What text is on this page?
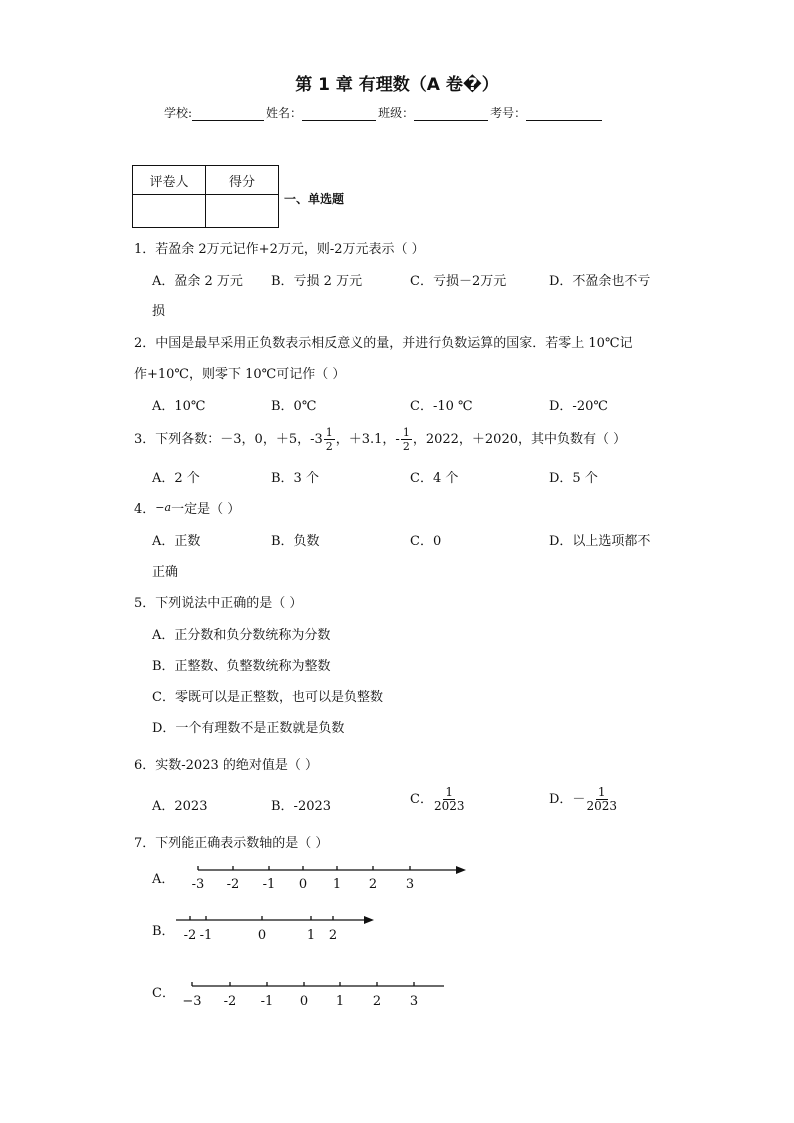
第 1 章 有理数（A 卷�）
学校:	姓名：	班级：	考号：
评卷人	得分

一、单选题
1．若盈余 2万元记作+2万元，则-2万元表示（ ）
A．盈余 2 万元 B．亏损 2 万元	C．亏损－2万元	D．不盈余也不亏
损
2．中国是最早采用正负数表示相反意义的量，并进行负数运算的国家．若零上 10℃记
作+10℃，则零下 10℃可记作（ ）
A．10℃	B．0℃	C．-10 ℃	D．-20℃
3．下列各数：－3，0，＋5，$-3 \frac{1}{2}$ ，＋3.1，- $\frac{1}{2}$ ，2022，＋2020，其中负数有（ ）
A．2 个	B．3 个	C．4 个	D．5 个
4．−a一定是（ ）
A．正数	B．负数	C．0	D．以上选项都不
正确
5．下列说法中正确的是（ ）
A．正分数和负分数统称为分数
B．正整数、负整数统称为整数
C．零既可以是正整数，也可以是负整数
D．一个有理数不是正数就是负数
6．实数-2023 的绝对值是（ ）
A．2023	B．-2023	C． $\frac{1}{2023}$	D．－ $\frac{1}{2023}$
7．下列能正确表示数轴的是（ ）
A． -3 -2 -1 0 1 2 3
B． -2 -1	0	1 2
C．
−3 -2 -1 0 1 2 3
